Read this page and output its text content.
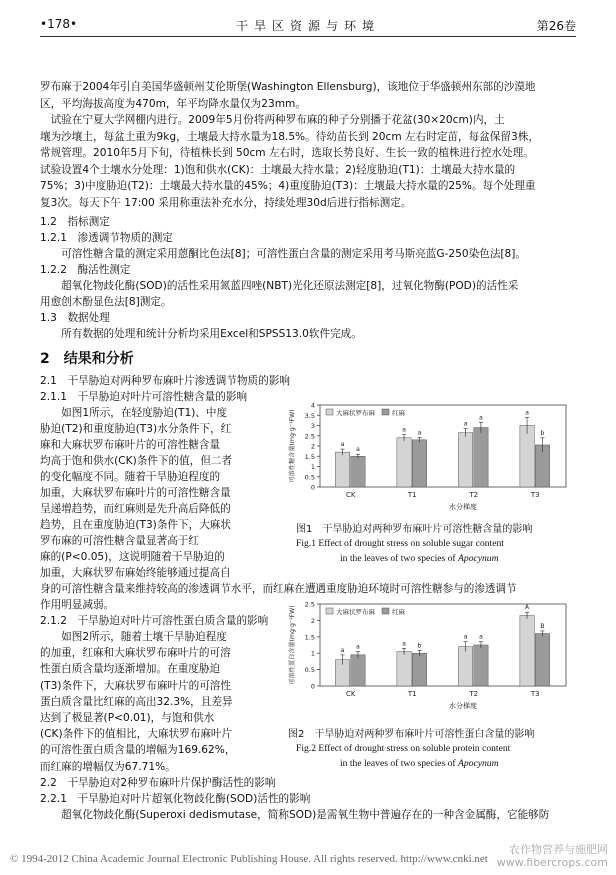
•178•	干旱区资源与环境	第26卷
罗布麻于2004年引自美国华盛顿州艾伦斯堡(Washington Ellensburg)，该地位于华盛顿州东部的沙漠地
区，平均海拔高度为470m，年平均降水量仅为23mm。
　试验在宁夏大学网棚内进行。2009年5月份将两种罗布麻的种子分别播于花盆(30×20cm)内，土
壤为沙壤土，每盆土重为9kg，土壤最大持水量为18.5%。待幼苗长到 20cm 左右时定苗，每盆保留3株，
常规管理。2010年5月下旬，待植株长到 50cm 左右时，选取长势良好、生长一致的植株进行控水处理。
试验设置4个土壤水分处理：1)饱和供水(CK)：土壤最大持水量；2)轻度胁迫(T1)：土壤最大持水量的
75%；3)中度胁迫(T2)：土壤最大持水量的45%；4)重度胁迫(T3)：土壤最大持水量的25%。每个处理重
复3次。每天下午 17:00 采用称重法补充水分，持续处理30d后进行指标测定。
1.2　指标测定
1.2.1　渗透调节物质的测定
　　可溶性糖含量的测定采用蒽酮比色法[8]；可溶性蛋白含量的测定采用考马斯亮蓝G-250染色法[8]。
1.2.2　酶活性测定
　　超氧化物歧化酶(SOD)的活性采用氮蓝四唑(NBT)光化还原法测定[8]，过氧化物酶(POD)的活性采
用愈创木酚显色法[8]测定。
1.3　数据处理
　　所有数据的处理和统计分析均采用Excel和SPSS13.0软件完成。
2　结果和分析
2.1　干旱胁迫对两种罗布麻叶片渗透调节物质的影响
2.1.1　干旱胁迫对叶片可溶性糖含量的影响
　　如图1所示，在轻度胁迫(T1)、中度
胁迫(T2)和重度胁迫(T3)水分条件下，红
麻和大麻状罗布麻叶片的可溶性糖含量
均高于饱和供水(CK)条件下的值，但二者
的变化幅度不同。随着干旱胁迫程度的
加重，大麻状罗布麻叶片的可溶性糖含量
呈递增趋势，而红麻则是先升高后降低的
趋势，且在重度胁迫(T3)条件下，大麻状
罗布麻的可溶性糖含量显著高于红
麻的(P<0.05)，这说明随着干旱胁迫的
加重，大麻状罗布麻始终能够通过提高自
身的可溶性糖含量来维持较高的渗透调节水平，而红麻在遭遇重度胁迫环境时可溶性糖参与的渗透调节
作用明显减弱。
2.1.2　干旱胁迫对叶片可溶性蛋白质含量的影响
　　如图2所示，随着土壤干旱胁迫程度
的加重，红麻和大麻状罗布麻叶片的可溶
性蛋白质含量均逐渐增加。在重度胁迫
(T3)条件下，大麻状罗布麻叶片的可溶性
蛋白质含量比红麻的高出32.3%，且差异
达到了极显著(P<0.01)，与饱和供水
(CK)条件下的值相比，大麻状罗布麻叶片
的可溶性蛋白质含量的增幅为169.62%，
而红麻的增幅仅为67.71%。
2.2　干旱胁迫对2种罗布麻叶片保护酶活性的影响
2.2.1　干旱胁迫对叶片超氧化物歧化酶(SOD)活性的影响
　　超氧化物歧化酶(Superoxi dedismutase，简称SOD)是需氧生物中普遍存在的一种含金属酶，它能够防
0
0.5
1
1.5
2
2.5
3
3.5
4
可溶性糖含量(mg·g⁻¹FW)
CK
a
a
T1
a a
T2
a
a
T3
a
b
水分梯度
大麻状罗布麻	红麻
图1　干旱胁迫对两种罗布麻叶片可溶性糖含量的影响
Fig.1 Effect of drought stress on soluble sugar content
in the leaves of two species of Apocynum
0
0.5
1
1.5
2
2.5
可溶性蛋白含量(mg·g⁻¹FW)
CK
a a
T1
a b
T2
a a
T3
A
B
水分梯度
大麻状罗布麻	红麻
图2　干旱胁迫对两种罗布麻叶片可溶性蛋白含量的影响
Fig.2 Effect of drought stress on soluble protein content
in the leaves of two species of Apocynum
© 1994-2012 China Academic Journal Electronic Publishing House. All rights reserved. http://www.cnki.net
农作物营养与施肥网
www.fibercrops.com
